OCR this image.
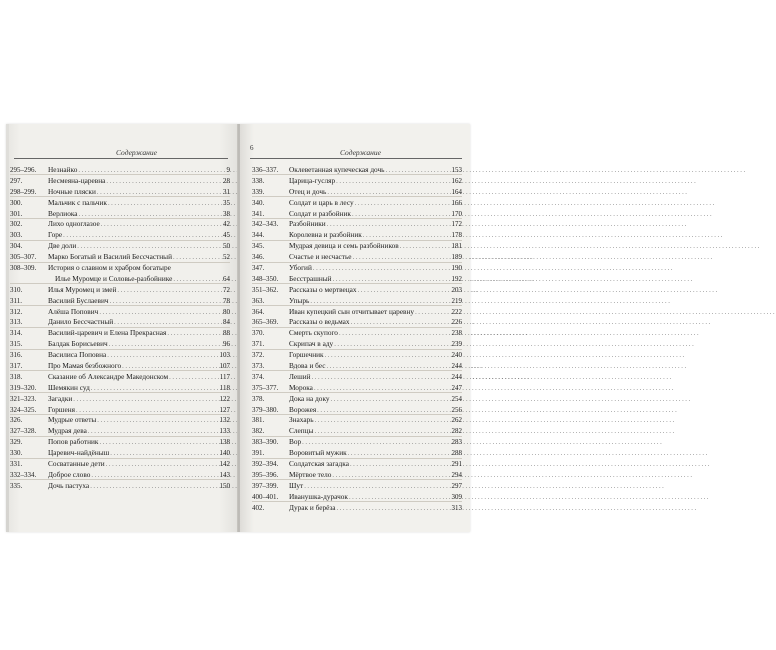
Содержание
295–296.	Незнайко .....	9
297.	Несмеяна-царевна .....	28
298–299.	Ночные пляски .....	31
300.	Мальчик с пальчик .....	35
301.	Верлиока .....	38
302.	Лихо одноглазое .....	42
303.	Горе .....	45
304.	Две доли .....	50
305–307.	Марко Богатый и Василий Бессчастный .....	52
308–309.	История о славном и храбром богатыре
Илье Муромце и Соловье-разбойнике .....	64
310.	Илья Муромец и змей .....	72
311.	Василий Буслаевич .....	78
312.	Алёша Попович .....	80
313.	Данило Бессчастный .....	84
314.	Василий-царевич и Елена Прекрасная .....	88
315.	Балдак Борисьевич .....	96
316.	Василиса Поповна .....	103
317.	Про Мамая безбожного .....	107
318.	Сказание об Александре Македонском .....	117
319–320.	Шемякин суд .....	118
321–323.	Загадки .....	122
324–325.	Горшеня .....	127
326.	Мудрые ответы .....	132
327–328.	Мудрая дева .....	133
329.	Попов работник .....	138
330.	Царевич-найдёныш .....	140
331.	Сосватанные дети .....	142
332–334.	Доброе слово .....	143
335.	Дочь пастуха .....	150
6	Содержание
336–337.	Оклеветанная купеческая дочь .....	153
338.	Царица-гусляр .....	162
339.	Отец и дочь .....	164
340.	Солдат и царь в лесу .....	166
341.	Солдат и разбойник .....	170
342–343.	Разбойники .....	172
344.	Королевна и разбойник .....	178
345.	Мудрая девица и семь разбойников .....	181
346.	Счастье и несчастье .....	189
347.	Убогий .....	190
348–350.	Бесстрашный .....	192
351–362.	Рассказы о мертвецах .....	203
363.	Упырь .....	219
364.	Иван купецкий сын отчитывает царевну .....	222
365–369.	Рассказы о ведьмах .....	226
370.	Смерть скупого .....	238
371.	Скрипач в аду .....	239
372.	Горшечник .....	240
373.	Вдова и бес .....	244
374.	Леший .....	244
375–377.	Морока .....	247
378.	Дока на доку .....	254
379–380.	Ворожея .....	256
381.	Знахарь .....	262
382.	Слепцы .....	282
383–390.	Вор .....	283
391.	Воровитый мужик .....	288
392–394.	Солдатская загадка .....	291
395–396.	Мёртвое тело .....	294
397–399.	Шут .....	297
400–401.	Иванушка-дурачок .....	309
402.	Дурак и берёза .....	313
